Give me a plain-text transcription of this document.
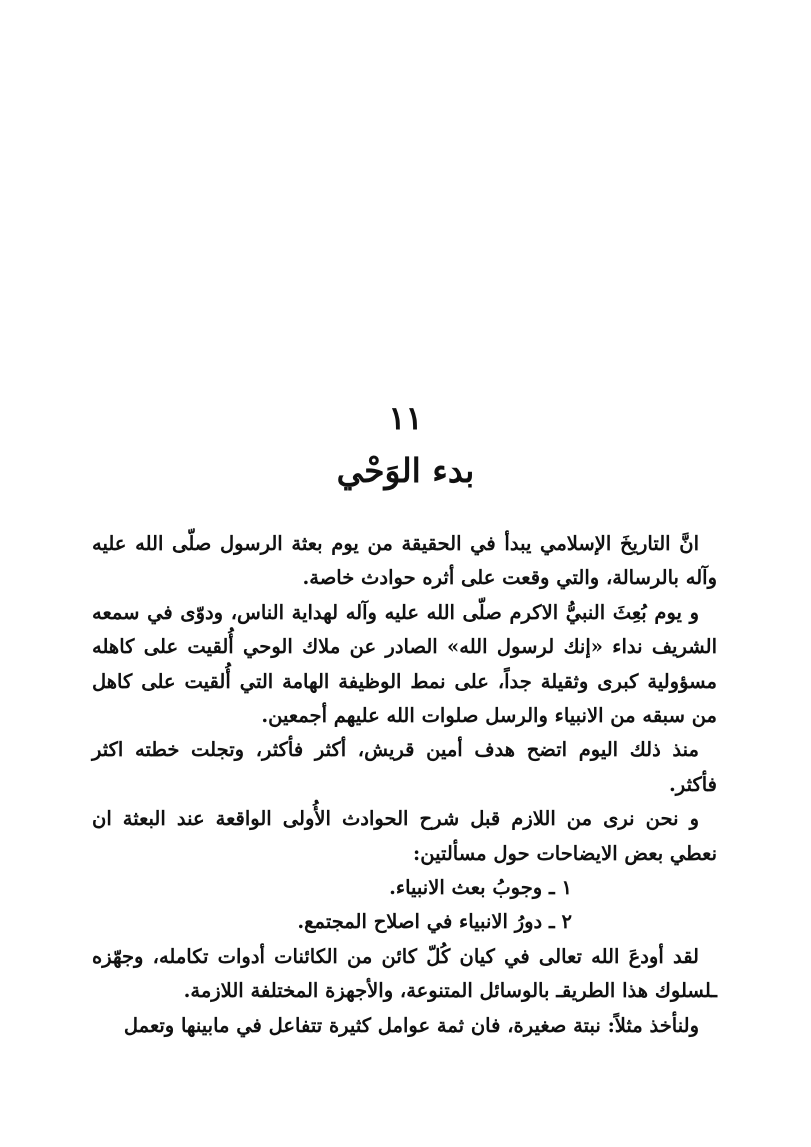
١١
بدء الوَحْي

انَّ التاريخَ الإسلامي يبدأ في الحقيقة من يوم بعثة الرسول صلّى الله عليه وآله بالرسالة، والتي وقعت على أثره حوادث خاصة.

و يوم بُعِثَ النبيُّ الاكرم صلّى الله عليه وآله لهداية الناس، ودوّى في سمعه الشريف نداء «إنك لرسول الله» الصادر عن ملاك الوحي أُلقيت على كاهله مسؤولية كبرى وثقيلة جداً، على نمط الوظيفة الهامة التي أُلقيت على كاهل من سبقه من الانبياء والرسل صلوات الله عليهم أجمعين.

منذ ذلك اليوم اتضح هدف أمين قريش، أكثر فأكثر، وتجلت خطته اكثر فأكثر.

و نحن نرى من اللازم قبل شرح الحوادث الأُولى الواقعة عند البعثة ان نعطي بعض الايضاحات حول مسألتين:

١ ـ وجوبُ بعث الانبياء.

٢ ـ دورُ الانبياء في اصلاح المجتمع.

لقد أودعَ الله تعالى في كيان كُلّ كائن من الكائنات أدوات تكامله، وجهّزه ـلسلوك هذا الطريقـ بالوسائل المتنوعة، والأجهزة المختلفة اللازمة.

ولنأخذ مثلاً: نبتة صغيرة، فان ثمة عوامل كثيرة تتفاعل في مابينها وتعمل
